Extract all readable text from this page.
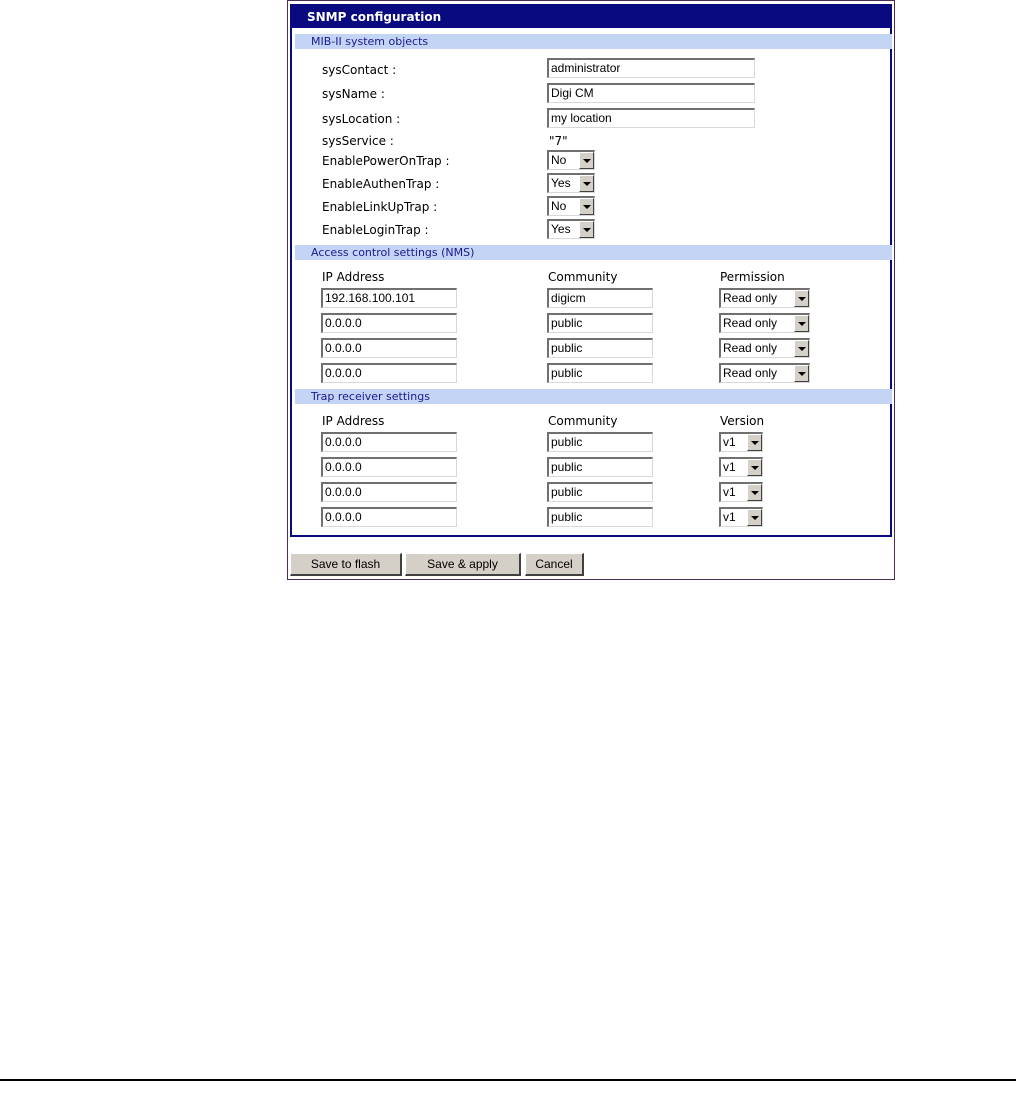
SNMP configuration
MIB-II system objects
sysContact :	administrator
sysName :	Digi CM
sysLocation :	my location
sysService :	"7"
EnablePowerOnTrap :	No
EnableAuthenTrap :	Yes
EnableLinkUpTrap :	No
EnableLoginTrap :	Yes
Access control settings (NMS)
IP Address	Community	Permission
192.168.100.101	digicm	Read only
0.0.0.0	public	Read only
0.0.0.0	public	Read only
0.0.0.0	public	Read only
Trap receiver settings
IP Address	Community	Version
0.0.0.0	public	v1
0.0.0.0	public	v1
0.0.0.0	public	v1
0.0.0.0	public	v1
Save to flash	Save & apply	Cancel
